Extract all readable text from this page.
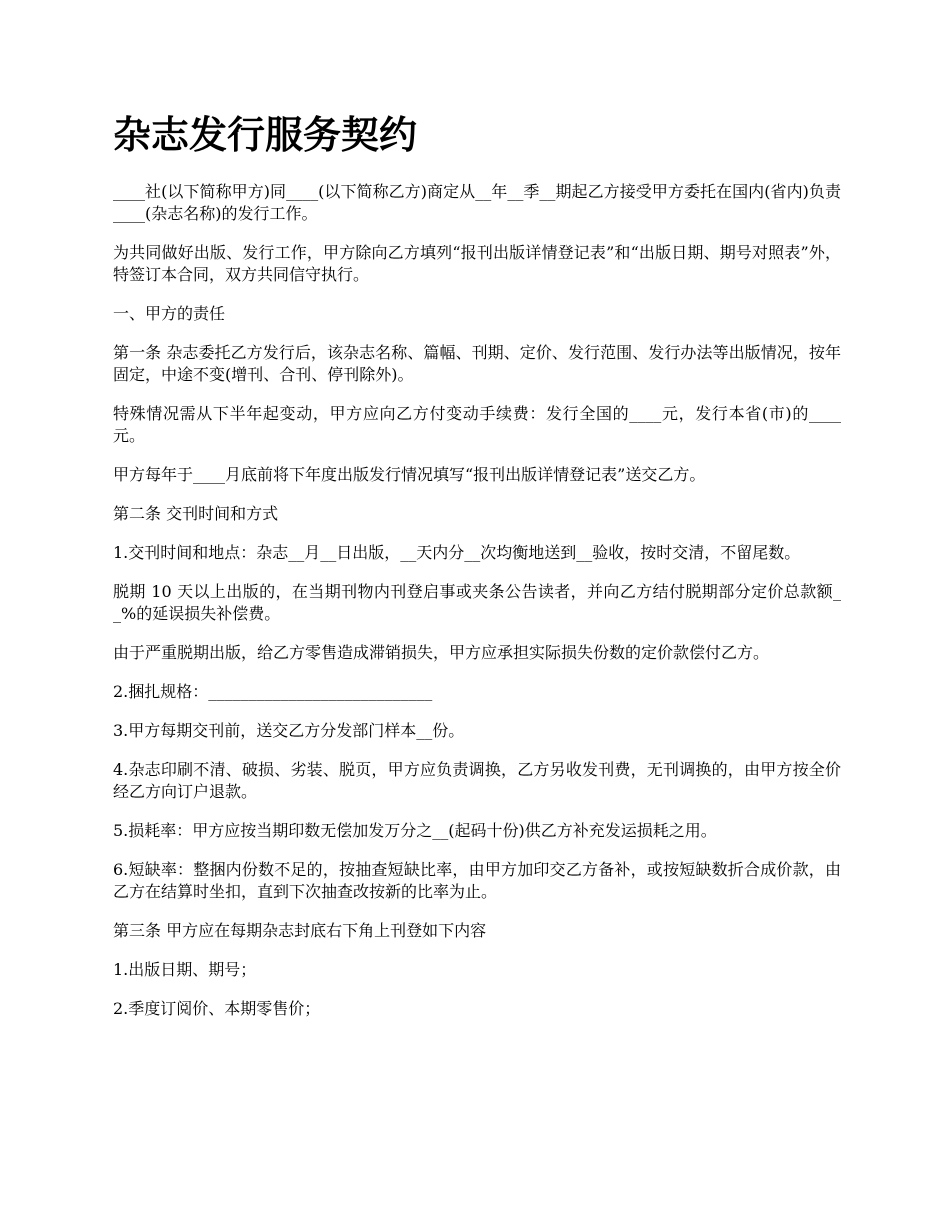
杂志发行服务契约

____社(以下简称甲方)同____(以下简称乙方)商定从__年__季__期起乙方接受甲方委托在国内(省内)负责____(杂志名称)的发行工作。

为共同做好出版、发行工作，甲方除向乙方填列“报刊出版详情登记表”和“出版日期、期号对照表”外，特签订本合同，双方共同信守执行。

一、甲方的责任

第一条 杂志委托乙方发行后，该杂志名称、篇幅、刊期、定价、发行范围、发行办法等出版情况，按年固定，中途不变(增刊、合刊、停刊除外)。

特殊情况需从下半年起变动，甲方应向乙方付变动手续费：发行全国的____元，发行本省(市)的____元。

甲方每年于____月底前将下年度出版发行情况填写“报刊出版详情登记表”送交乙方。

第二条 交刊时间和方式

1.交刊时间和地点：杂志__月__日出版，__天内分__次均衡地送到__验收，按时交清，不留尾数。

脱期 10 天以上出版的，在当期刊物内刊登启事或夹条公告读者，并向乙方结付脱期部分定价总款额__%的延误损失补偿费。

由于严重脱期出版，给乙方零售造成滞销损失，甲方应承担实际损失份数的定价款偿付乙方。

2.捆扎规格：____________________________

3.甲方每期交刊前，送交乙方分发部门样本__份。

4.杂志印刷不清、破损、劣装、脱页，甲方应负责调换，乙方另收发刊费，无刊调换的，由甲方按全价经乙方向订户退款。

5.损耗率：甲方应按当期印数无偿加发万分之__(起码十份)供乙方补充发运损耗之用。

6.短缺率：整捆内份数不足的，按抽查短缺比率，由甲方加印交乙方备补，或按短缺数折合成价款，由乙方在结算时坐扣，直到下次抽查改按新的比率为止。

第三条 甲方应在每期杂志封底右下角上刊登如下内容

1.出版日期、期号；

2.季度订阅价、本期零售价；
